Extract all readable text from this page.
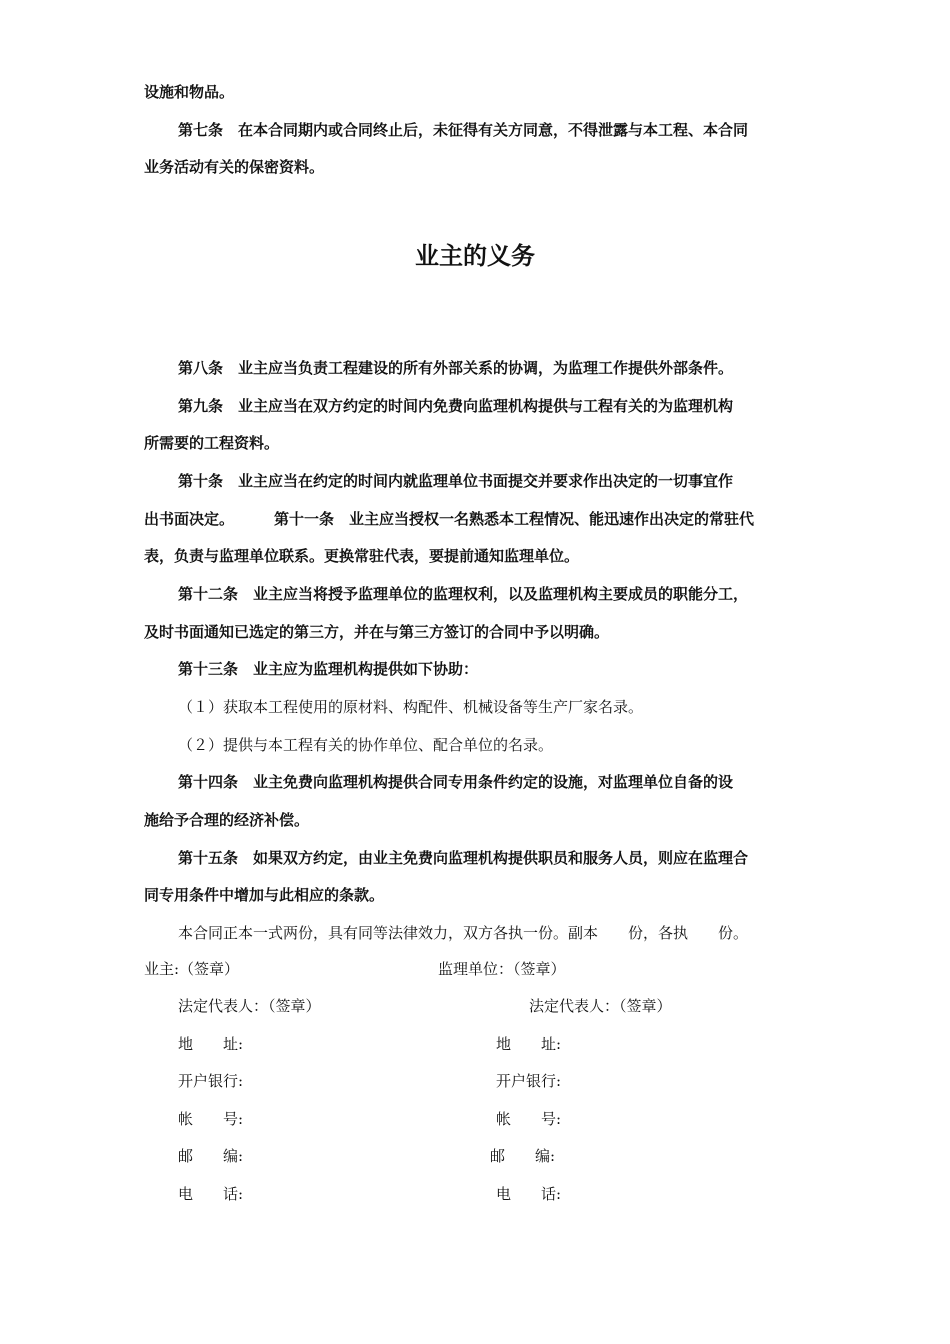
设施和物品。
第七条　在本合同期内或合同终止后，未征得有关方同意，不得泄露与本工程、本合同
业务活动有关的保密资料。
业主的义务
第八条　业主应当负责工程建设的所有外部关系的协调，为监理工作提供外部条件。
第九条　业主应当在双方约定的时间内免费向监理机构提供与工程有关的为监理机构
所需要的工程资料。
第十条　业主应当在约定的时间内就监理单位书面提交并要求作出决定的一切事宜作
出书面决定。	第十一条　业主应当授权一名熟悉本工程情况、能迅速作出决定的常驻代
表，负责与监理单位联系。更换常驻代表，要提前通知监理单位。
第十二条　业主应当将授予监理单位的监理权利，以及监理机构主要成员的职能分工，
及时书面通知已选定的第三方，并在与第三方签订的合同中予以明确。
第十三条　业主应为监理机构提供如下协助：
（１）获取本工程使用的原材料、构配件、机械设备等生产厂家名录。
（２）提供与本工程有关的协作单位、配合单位的名录。
第十四条　业主免费向监理机构提供合同专用条件约定的设施，对监理单位自备的设
施给予合理的经济补偿。
第十五条　如果双方约定，由业主免费向监理机构提供职员和服务人员，则应在监理合
同专用条件中增加与此相应的条款。
本合同正本一式两份，具有同等法律效力，双方各执一份。副本　　份，各执　　份。
业主:（签章）	监理单位：（签章）
法定代表人：（签章）	法定代表人：（签章）
地　　址:	地　　址:
开户银行:	开户银行:
帐　　号:	帐　　号:
邮　　编:	邮　　编:
电　　话:	电　　话:
